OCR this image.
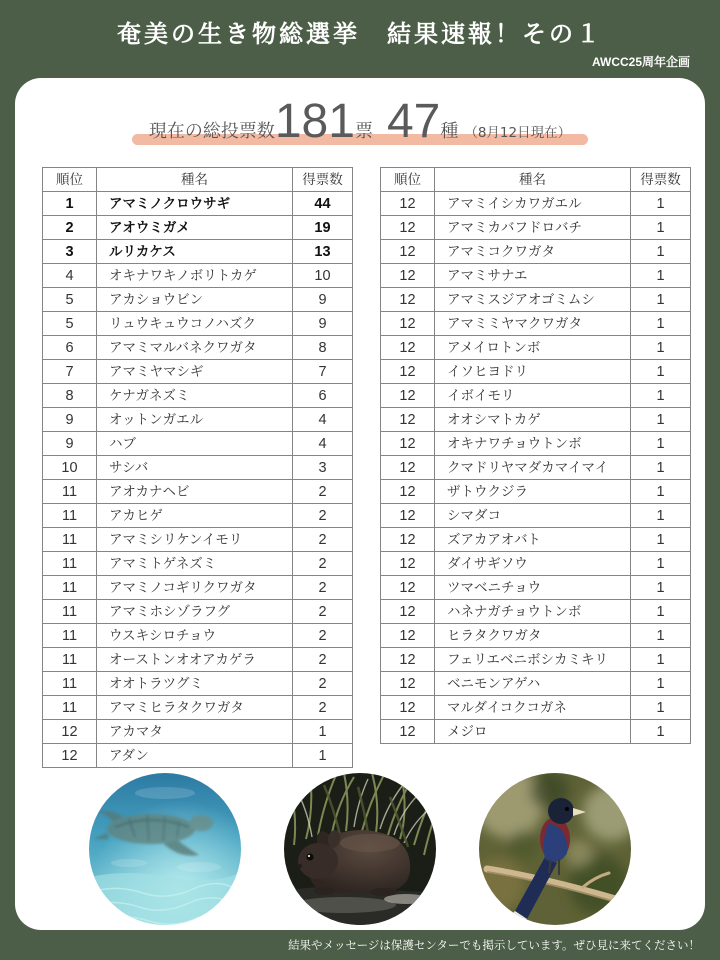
奄美の生き物総選挙　結果速報！その１
AWCC25周年企画
現在の総投票数 181 票 47 種 （8月12日現在）
順位	種名	得票数
1	アマミノクロウサギ	44
2	アオウミガメ	19
3	ルリカケス	13
4	オキナワキノボリトカゲ	10
5	アカショウビン	9
5	リュウキュウコノハズク	9
6	アマミマルバネクワガタ	8
7	アマミヤマシギ	7
8	ケナガネズミ	6
9	オットンガエル	4
9	ハブ	4
10	サシバ	3
11	アオカナヘビ	2
11	アカヒゲ	2
11	アマミシリケンイモリ	2
11	アマミトゲネズミ	2
11	アマミノコギリクワガタ	2
11	アマミホシゾラフグ	2
11	ウスキシロチョウ	2
11	オーストンオオアカゲラ	2
11	オオトラツグミ	2
11	アマミヒラタクワガタ	2
12	アカマタ	1
12	アダン	1
順位	種名	得票数
12	アマミイシカワガエル	1
12	アマミカバフドロバチ	1
12	アマミコクワガタ	1
12	アマミサナエ	1
12	アマミスジアオゴミムシ	1
12	アマミミヤマクワガタ	1
12	アメイロトンボ	1
12	イソヒヨドリ	1
12	イボイモリ	1
12	オオシマトカゲ	1
12	オキナワチョウトンボ	1
12	クマドリヤマダカマイマイ	1
12	ザトウクジラ	1
12	シマダコ	1
12	ズアカアオバト	1
12	ダイサギソウ	1
12	ツマベニチョウ	1
12	ハネナガチョウトンボ	1
12	ヒラタクワガタ	1
12	フェリエベニボシカミキリ	1
12	ベニモンアゲハ	1
12	マルダイコクコガネ	1
12	メジロ	1
結果やメッセージは保護センターでも掲示しています。ぜひ見に来てください！
